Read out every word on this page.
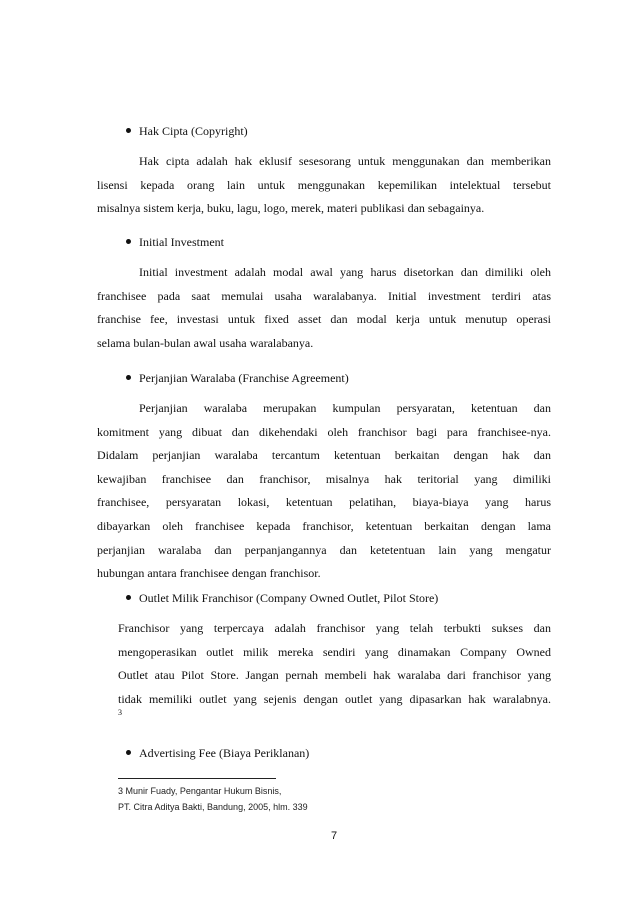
Hak Cipta (Copyright)
Hak cipta adalah hak eklusif sesesorang untuk menggunakan dan memberikan
lisensi kepada orang lain untuk menggunakan kepemilikan intelektual tersebut
misalnya sistem kerja, buku, lagu, logo, merek, materi publikasi dan sebagainya.
Initial Investment
Initial investment adalah modal awal yang harus disetorkan dan dimiliki oleh
franchisee pada saat memulai usaha waralabanya. Initial investment terdiri atas
franchise fee, investasi untuk fixed asset dan modal kerja untuk menutup operasi
selama bulan-bulan awal usaha waralabanya.
Perjanjian Waralaba (Franchise Agreement)
Perjanjian waralaba merupakan kumpulan persyaratan, ketentuan dan
komitment yang dibuat dan dikehendaki oleh franchisor bagi para franchisee-nya.
Didalam perjanjian waralaba tercantum ketentuan berkaitan dengan hak dan
kewajiban franchisee dan franchisor, misalnya hak teritorial yang dimiliki
franchisee, persyaratan lokasi, ketentuan pelatihan, biaya-biaya yang harus
dibayarkan oleh franchisee kepada franchisor, ketentuan berkaitan dengan lama
perjanjian waralaba dan perpanjangannya dan ketetentuan lain yang mengatur
hubungan antara franchisee dengan franchisor.
Outlet Milik Franchisor (Company Owned Outlet, Pilot Store)
Franchisor yang terpercaya adalah franchisor yang telah terbukti sukses dan
mengoperasikan outlet milik mereka sendiri yang dinamakan Company Owned
Outlet atau Pilot Store. Jangan pernah membeli hak waralaba dari franchisor yang
tidak memiliki outlet yang sejenis dengan outlet yang dipasarkan hak waralabnya.
3
Advertising Fee (Biaya Periklanan)
3 Munir Fuady, Pengantar Hukum Bisnis,
PT. Citra Aditya Bakti, Bandung, 2005, hlm. 339
7
